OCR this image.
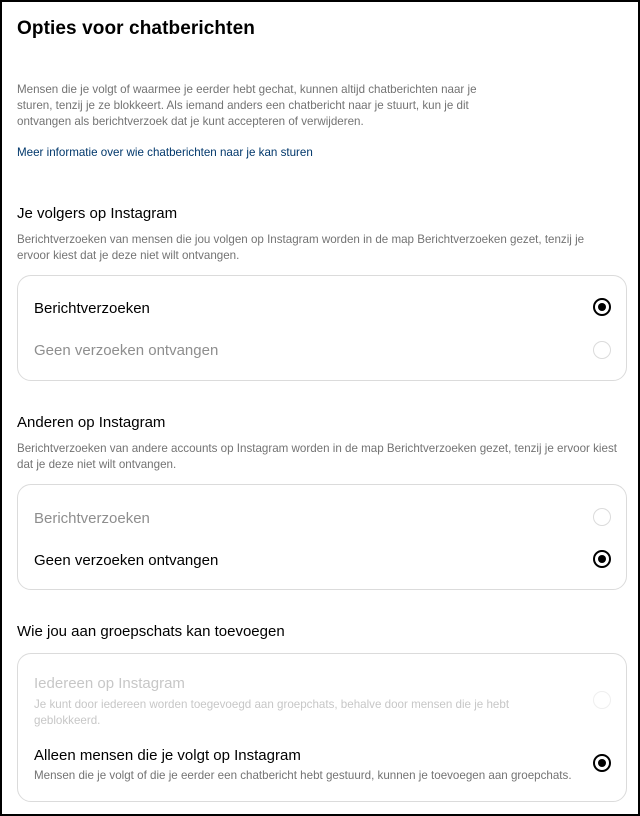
Opties voor chatberichten
Mensen die je volgt of waarmee je eerder hebt gechat, kunnen altijd chatberichten naar je sturen, tenzij je ze blokkeert. Als iemand anders een chatbericht naar je stuurt, kun je dit ontvangen als berichtverzoek dat je kunt accepteren of verwijderen.
Meer informatie over wie chatberichten naar je kan sturen
Je volgers op Instagram
Berichtverzoeken van mensen die jou volgen op Instagram worden in de map Berichtverzoeken gezet, tenzij je ervoor kiest dat je deze niet wilt ontvangen.
Berichtverzoeken
Geen verzoeken ontvangen
Anderen op Instagram
Berichtverzoeken van andere accounts op Instagram worden in de map Berichtverzoeken gezet, tenzij je ervoor kiest dat je deze niet wilt ontvangen.
Berichtverzoeken
Geen verzoeken ontvangen
Wie jou aan groepschats kan toevoegen
Iedereen op Instagram
Je kunt door iedereen worden toegevoegd aan groepchats, behalve door mensen die je hebt geblokkeerd.
Alleen mensen die je volgt op Instagram
Mensen die je volgt of die je eerder een chatbericht hebt gestuurd, kunnen je toevoegen aan groepchats.
